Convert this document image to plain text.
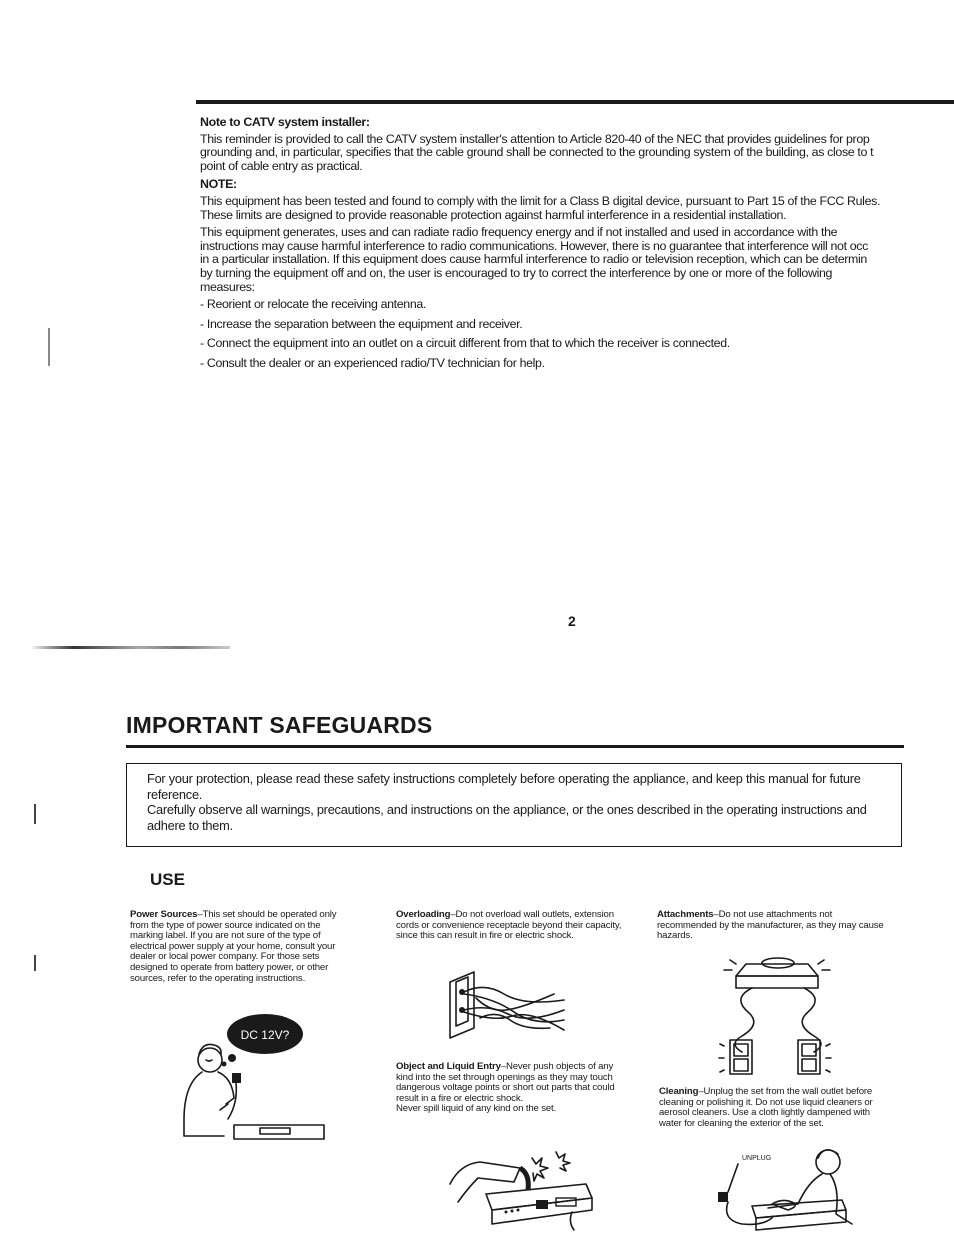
Note to CATV system installer:

This reminder is provided to call the CATV system installer's attention to Article 820-40 of the NEC that provides guidelines for prop

grounding and, in particular, specifies that the cable ground shall be connected to the grounding system of the building, as close to t

point of cable entry as practical.

NOTE:

This equipment has been tested and found to comply with the limit for a Class B digital device, pursuant to Part 15 of the FCC Rules.

These limits are designed to provide reasonable protection against harmful interference in a residential installation.

This equipment generates, uses and can radiate radio frequency energy and if not installed and used in accordance with the

instructions may cause harmful interference to radio communications. However, there is no guarantee that interference will not occ

in a particular installation. If this equipment does cause harmful interference to radio or television reception, which can be determin

by turning the equipment off and on, the user is encouraged to try to correct the interference by one or more of the following

measures:

- Reorient or relocate the receiving antenna.

- Increase the separation between the equipment and receiver.

- Connect the equipment into an outlet on a circuit different from that to which the receiver is connected.

- Consult the dealer or an experienced radio/TV technician for help.

2
IMPORTANT SAFEGUARDS

For your protection, please read these safety instructions completely before operating the appliance, and keep this manual for future

reference.

Carefully observe all warnings, precautions, and instructions on the appliance, or the ones described in the operating instructions and

adhere to them.

USE

Power Sources–This set should be operated only

from the type of power source indicated on the

marking label. If you are not sure of the type of

electrical power supply at your home, consult your

dealer or local power company. For those sets

designed to operate from battery power, or other

sources, refer to the operating instructions.

DC 12V?

Overloading–Do not overload wall outlets, extension

cords or convenience receptacle beyond their capacity,

since this can result in fire or electric shock.

Object and Liquid Entry–Never push objects of any

kind into the set through openings as they may touch

dangerous voltage points or short out parts that could

result in a fire or electric shock.

Never spill liquid of any kind on the set.

Attachments–Do not use attachments not

recommended by the manufacturer, as they may cause

hazards.

Cleaning–Unplug the set from the wall outlet before

cleaning or polishing it. Do not use liquid cleaners or

aerosol cleaners. Use a cloth lightly dampened with

water for cleaning the exterior of the set.

UNPLUG
